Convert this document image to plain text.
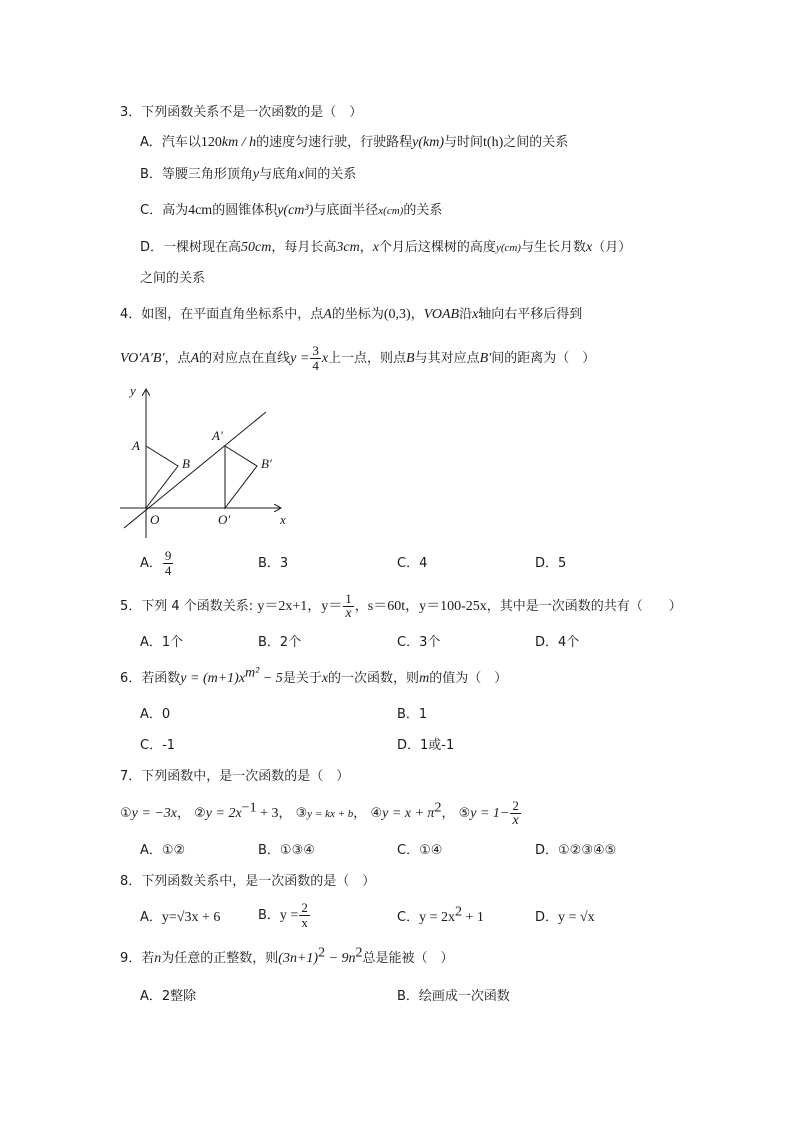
3．下列函数关系不是一次函数的是（　）
A．汽车以120km / h的速度匀速行驶，行驶路程y(km)与时间t(h)之间的关系
B．等腰三角形顶角y与底角x间的关系
C．高为4cm的圆锥体积y(cm³)与底面半径x(cm)的关系
D．一棵树现在高50cm，每月长高3cm，x个月后这棵树的高度y(cm)与生长月数x（月）
之间的关系
4．如图，在平面直角坐标系中，点A的坐标为(0,3)，VOAB沿x轴向右平移后得到
VO′A′B′，点A的对应点在直线$y = \frac{3}{4}$ x上一点，则点B与其对应点B′间的距离为（　）
y
x
A
B
O
A′
B′
O′
A． $\frac{9}{4}$	B．3	C．4	D．5
5．下列 4 个函数关系: y＝2x+1，$y= \frac{1}{x}$ ，s＝60t，y＝100-25x，其中是一次函数的共有（　　）
A．1个	B．2个	C．3个	D．4个
6．若函数$y = (m+1)x^{m^2} - 5$是关于x的一次函数，则m的值为（　）
A．0	B．1
C．-1	D．1或-1
7．下列函数中，是一次函数的是（　）
①y = −3x， ②y = $2x^{-1} + 3$， ③y = kx + b， ④y = $x + \pi^2$， ⑤y = $1- \frac{2}{x}$
A．①②	B．①③④	C．①④	D．①②③④⑤
8．下列函数关系中，是一次函数的是（　）
A．y=√3x + 6	B．$y = \frac{2}{x}$	C．$y = 2x^2 + 1$	D．y = √x
9．若n为任意的正整数，则$(3n+1)^2 - 9n^2$总是能被（　）
A．2整除	B．绘画成一次函数
